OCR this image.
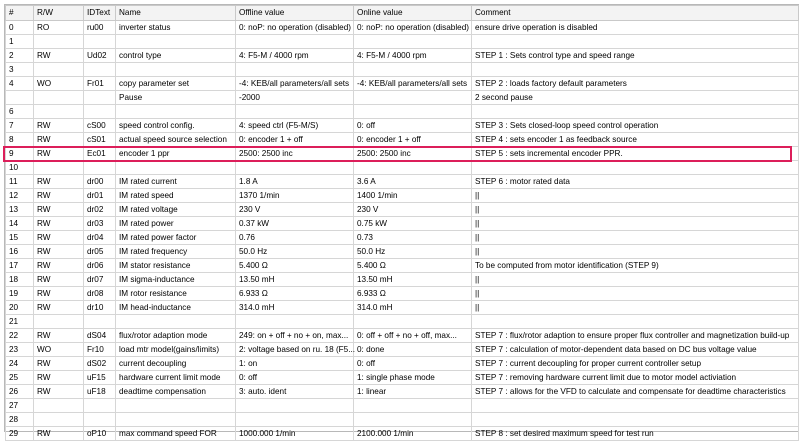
#	R/W	IDText	Name	Offline value	Online value	Comment
0	RO	ru00	inverter status	0: noP: no operation (disabled)	0: noP: no operation (disabled)	ensure drive operation is disabled
1						
2	RW	Ud02	control type	4: F5-M / 4000 rpm	4: F5-M / 4000 rpm	STEP 1 : Sets control type and speed range
3						
4	WO	Fr01	copy parameter set	-4: KEB/all parameters/all sets	-4: KEB/all parameters/all sets	STEP 2 : loads factory default parameters
			Pause	-2000		2 second pause
6						
7	RW	cS00	speed control config.	4: speed ctrl (F5-M/S)	0: off	STEP 3 : Sets closed-loop speed control operation
8	RW	cS01	actual speed source selection	0: encoder 1 + off	0: encoder 1 + off	STEP 4 : sets encoder 1 as feedback source
9	RW	Ec01	encoder 1 ppr	2500: 2500 inc	2500: 2500 inc	STEP 5 : sets incremental encoder PPR.
10						
11	RW	dr00	IM rated current	1.8 A	3.6 A	STEP 6 : motor rated data
12	RW	dr01	IM rated speed	1370 1/min	1400 1/min	||
13	RW	dr02	IM rated voltage	230 V	230 V	||
14	RW	dr03	IM rated power	0.37 kW	0.75 kW	||
15	RW	dr04	IM rated power factor	0.76	0.73	||
16	RW	dr05	IM rated frequency	50.0 Hz	50.0 Hz	||
17	RW	dr06	IM stator resistance	5.400 Ω	5.400 Ω	To be computed from motor identification (STEP 9)
18	RW	dr07	IM sigma-inductance	13.50 mH	13.50 mH	||
19	RW	dr08	IM rotor resistance	6.933 Ω	6.933 Ω	||
20	RW	dr10	IM head-inductance	314.0 mH	314.0 mH	||
21						
22	RW	dS04	flux/rotor adaption mode	249: on + off + no + on, max...	0: off + off + no + off, max...	STEP 7 : flux/rotor adaption to ensure proper flux controller and magnetization build-up
23	WO	Fr10	load mtr model(gains/limits)	2: voltage based on ru. 18 (F5...	0: done	STEP 7 : calculation of motor-dependent data based on DC bus voltage value
24	RW	dS02	current decoupling	1: on	0: off	STEP 7 : current decoupling for proper current controller setup
25	RW	uF15	hardware current limit mode	0: off	1: single phase mode	STEP 7 : removing hardware current limit due to motor model activiation
26	RW	uF18	deadtime compensation	3: auto. ident	1: linear	STEP 7 : allows for the VFD to calculate and compensate for deadtime characteristics
27						
28						
29	RW	oP10	max command speed FOR	1000.000 1/min	2100.000 1/min	STEP 8 : set desired maximum speed for test run
